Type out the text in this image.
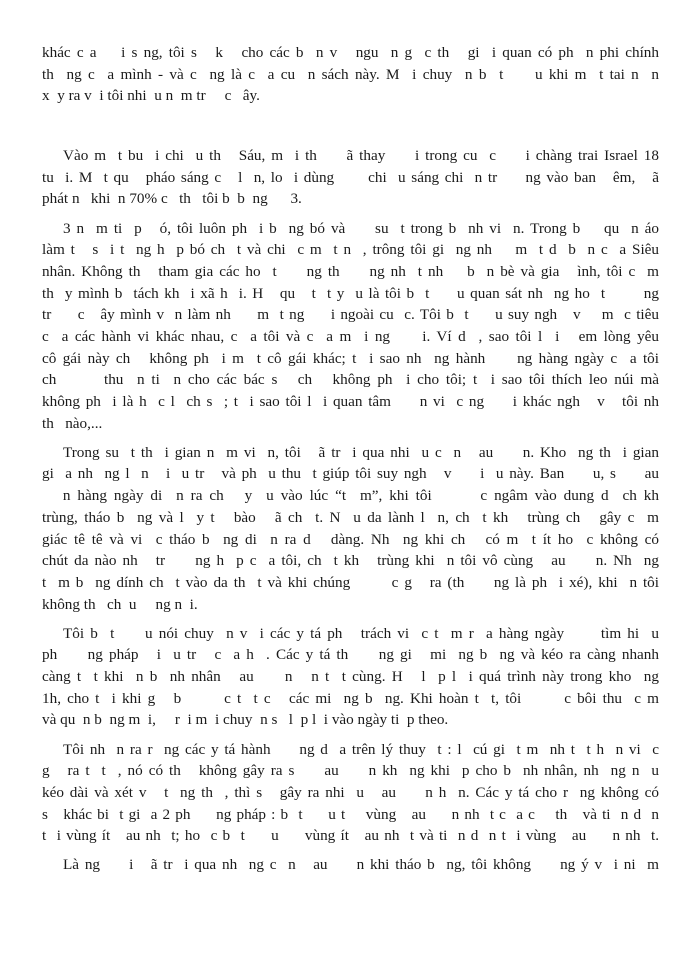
khác c a    i s ng, tôi s   k   cho các b  n v   ngu  n g  c th   gi  i quan có ph  n phi chính
th  ng c  a mình - và c  ng là c  a cu  n sách này. M  i chuy  n b  t     u khi m  t tai n  n
x  y ra v  i tôi nhi  u n  m tr     c   ây.
Vào m  t bu  i chi  u th   Sáu, m  i th     ã thay     i trong cu  c     i chàng trai Israel 18
tu  i. M  t qu   pháo sáng c   l  n, lo  i dùng      chi  u sáng chi  n tr     ng vào ban   êm,   ã
phát n   khi  n 70% c   th   tôi b  b  ng      3.
3 n  m ti  p   ó, tôi luôn ph  i b  ng bó và     su  t trong b  nh vi  n. Trong b    qu  n áo
làm t   s  i t  ng h  p bó ch  t và chi  c m  t n  , trông tôi gi  ng nh    m  t d  b  n c  a Siêu
nhân. Không th   tham gia các ho  t     ng th     ng nh  t nh    b  n bè và gia   ình, tôi c  m
th  y mình b  tách kh  i xã h  i. H   qu   t  t y  u là tôi b  t     u quan sát nh  ng ho  t       ng
tr     c   ây mình v  n làm nh     m  t ng     i ngoài cu  c. Tôi b  t     u suy ngh   v    m  c tiêu
c  a các hành vi khác nhau, c  a tôi và c  a m  i ng     i. Ví d  , sao tôi l  i   em lòng yêu
cô gái này ch   không ph  i m  t cô gái khác; t  i sao nh  ng hành     ng hàng ngày c  a tôi
ch       thu  n ti  n cho các bác s   ch   không ph  i cho tôi; t  i sao tôi thích leo núi mà
không ph  i là h  c l  ch s  ; t  i sao tôi l  i quan tâm     n vi  c ng     i khác ngh   v   tôi nh
th   nào,...
Trong su  t th  i gian n  m vi  n, tôi   ã tr  i qua nhi  u c  n   au     n. Kho  ng th  i gian
gi  a nh  ng l  n   i  u tr   và ph  u thu  t giúp tôi suy ngh   v     i  u này. Ban     u, s     au
n hàng ngày di  n ra ch   y  u vào lúc “t  m”, khi tôi       c ngâm vào dung d  ch kh
trùng, tháo b  ng và l  y t   bào   ã ch  t. N  u da lành l  n, ch  t kh   trùng ch   gây c  m
giác tê tê và vi  c tháo b  ng di  n ra d   dàng. Nh  ng khi ch   có m  t ít ho  c không có
chút da nào nh   tr     ng h  p c  a tôi, ch  t kh   trùng khi  n tôi vô cùng   au     n. Nh  ng
t  m b  ng dính ch  t vào da th  t và khi chúng       c g   ra (th     ng là ph  i xé), khi  n tôi
không th   ch  u     ng n  i.
Tôi b  t     u nói chuy  n v  i các y tá ph   trách vi  c t  m r  a hàng ngày      tìm hi  u
ph     ng pháp   i  u tr   c  a h  . Các y tá th     ng gi   mi  ng b  ng và kéo ra càng nhanh
càng t  t khi  n b  nh nhân   au     n   n t  t cùng. H   l  p l  i quá trình này trong kho  ng
1h, cho t  i khi g   b       c t  t c   các mi  ng b  ng. Khi hoàn t  t, tôi       c bôi thu  c m
và qu  n b  ng m  i,     r  i m  i chuy  n s   l  p l  i vào ngày ti  p theo.
Tôi nh  n ra r  ng các y tá hành     ng d  a trên lý thuy  t : l  cú gi  t m  nh t  t h  n vi  c
g   ra t  t  , nó có th   không gây ra s     au     n kh  ng khi  p cho b  nh nhân, nh  ng n  u
kéo dài và xét v   t  ng th  , thì s   gây ra nhi  u   au     n h  n. Các y tá cho r  ng không có
s   khác bi  t gi  a 2 ph     ng pháp : b  t     u t    vùng   au     n nh  t c  a c    th   và ti  n d  n
t  i vùng ít   au nh  t; ho  c b  t     u     vùng ít   au nh  t và ti  n d  n t  i vùng   au     n nh  t.
Là ng     i   ã tr  i qua nh  ng c  n   au     n khi tháo b  ng, tôi không     ng ý v  i ni  m
